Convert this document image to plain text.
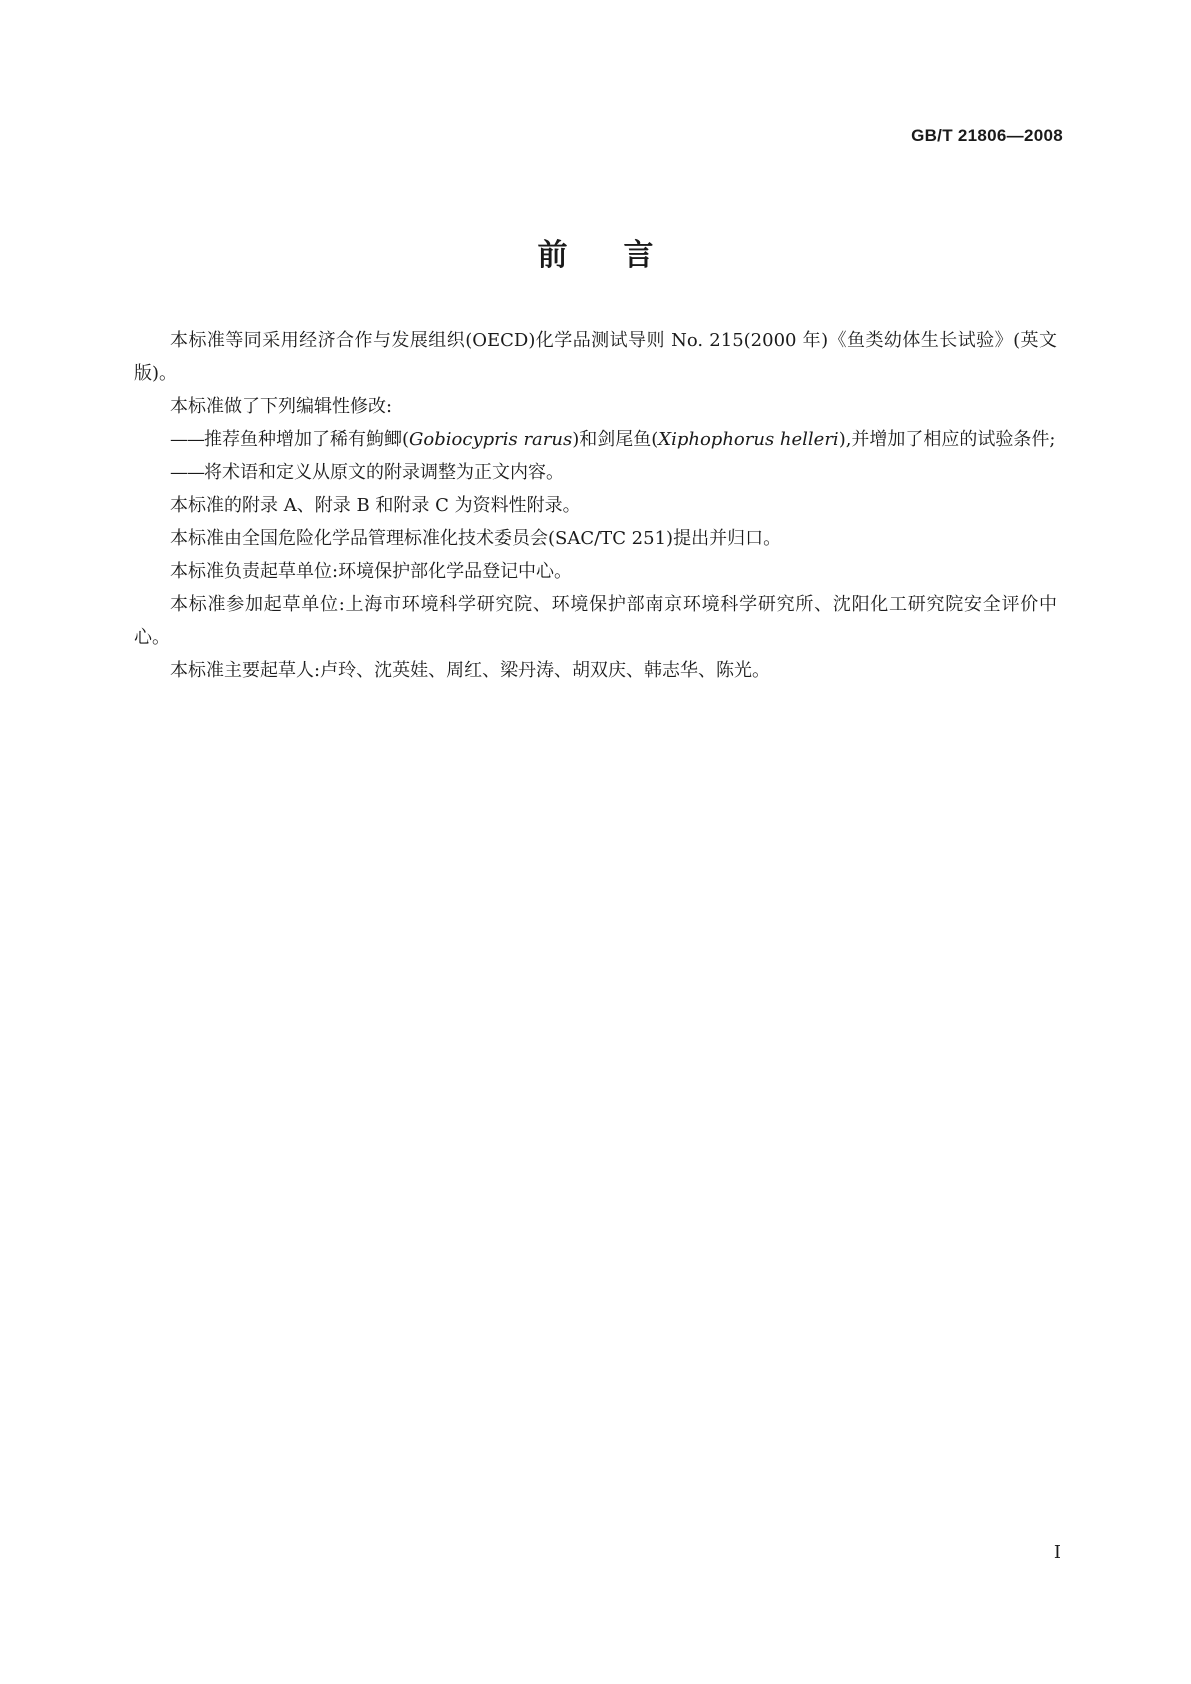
GB/T 21806—2008
前言

本标准等同采用经济合作与发展组织(OECD)化学品测试导则 No. 215(2000 年)《鱼类幼体生长试验》(英文版)。

本标准做了下列编辑性修改:

——推荐鱼种增加了稀有鮈鲫(Gobiocypris rarus)和剑尾鱼(Xiphophorus helleri),并增加了相应的试验条件;

——将术语和定义从原文的附录调整为正文内容。

本标准的附录 A、附录 B 和附录 C 为资料性附录。

本标准由全国危险化学品管理标准化技术委员会(SAC/TC 251)提出并归口。

本标准负责起草单位:环境保护部化学品登记中心。

本标准参加起草单位:上海市环境科学研究院、环境保护部南京环境科学研究所、沈阳化工研究院安全评价中心。

本标准主要起草人:卢玲、沈英娃、周红、梁丹涛、胡双庆、韩志华、陈光。

I
